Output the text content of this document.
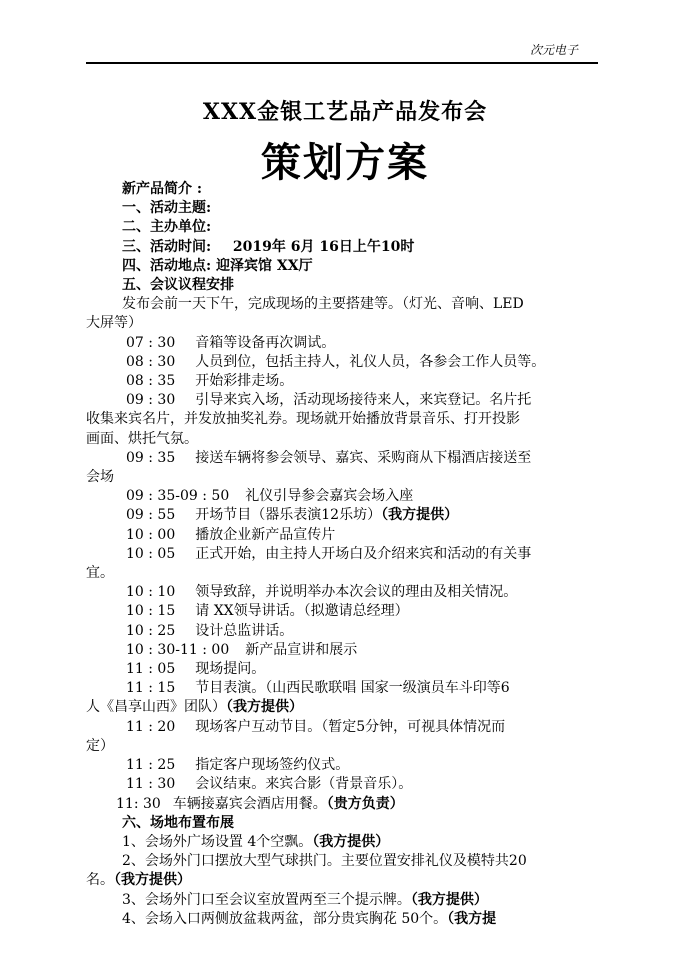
次元电子
XXX金银工艺品产品发布会
策划方案
新产品简介 :
一、活动主题:
二、主办单位:
三、活动时间: 2019年 6月 16日上午10时
四、活动地点: 迎泽宾馆 XX厅
五、会议议程安排
发布会前一天下午，完成现场的主要搭建等。（灯光、音响、LED
大屏等）
07 : 30 音箱等设备再次调试。
08 : 30 人员到位，包括主持人，礼仪人员，各参会工作人员等。
08 : 35 开始彩排走场。
09 : 30 引导来宾入场，活动现场接待来人，来宾登记。名片托
收集来宾名片，并发放抽奖礼券。现场就开始播放背景音乐、打开投影
画面、烘托气氛。
09 : 35 接送车辆将参会领导、嘉宾、采购商从下榻酒店接送至
会场
09 : 35-09 : 50 礼仪引导参会嘉宾会场入座
09 : 55 开场节目（器乐表演12乐坊）（我方提供）
10 : 00 播放企业新产品宣传片
10 : 05 正式开始，由主持人开场白及介绍来宾和活动的有关事
宜。
10 : 10 领导致辞，并说明举办本次会议的理由及相关情况。
10 : 15 请 XX领导讲话。（拟邀请总经理）
10 : 25 设计总监讲话。
10 : 30-11 : 00 新产品宣讲和展示
11 : 05 现场提问。
11 : 15 节目表演。（山西民歌联唱 国家一级演员车斗印等6
人《昌享山西》团队）（我方提供）
11 : 20 现场客户互动节目。（暂定5分钟，可视具体情况而
定）
11 : 25 指定客户现场签约仪式。
11 : 30 会议结束。来宾合影（背景音乐）。
11: 30 车辆接嘉宾会酒店用餐。（贵方负责）
六、场地布置布展
1、会场外广场设置 4个空飘。（我方提供）
2、会场外门口摆放大型气球拱门。主要位置安排礼仪及模特共20
名。（我方提供）
3、会场外门口至会议室放置两至三个提示牌。（我方提供）
4、会场入口两侧放盆栽两盆，部分贵宾胸花 50个。（我方提
